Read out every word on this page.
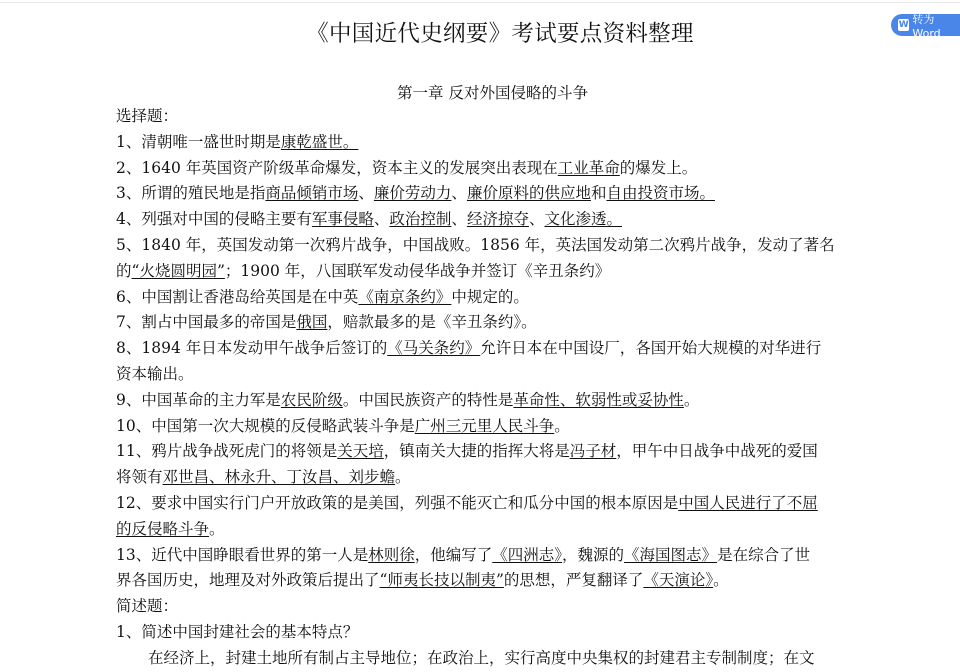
W 转为Word
《中国近代史纲要》考试要点资料整理
第一章 反对外国侵略的斗争
选择题：
1、清朝唯一盛世时期是康乾盛世。
2、1640 年英国资产阶级革命爆发，资本主义的发展突出表现在工业革命的爆发上。
3、所谓的殖民地是指商品倾销市场、廉价劳动力、廉价原料的供应地和自由投资市场。
4、列强对中国的侵略主要有军事侵略、政治控制、经济掠夺、文化渗透。
5、1840 年，英国发动第一次鸦片战争，中国战败。1856 年，英法国发动第二次鸦片战争，发动了著名
的“火烧圆明园”；1900 年，八国联军发动侵华战争并签订《辛丑条约》
6、中国割让香港岛给英国是在中英《南京条约》中规定的。
7、割占中国最多的帝国是俄国，赔款最多的是《辛丑条约》。
8、1894 年日本发动甲午战争后签订的《马关条约》允许日本在中国设厂，各国开始大规模的对华进行
资本输出。
9、中国革命的主力军是农民阶级。中国民族资产的特性是革命性、软弱性或妥协性。
10、中国第一次大规模的反侵略武装斗争是广州三元里人民斗争。
11、鸦片战争战死虎门的将领是关天培，镇南关大捷的指挥大将是冯子材，甲午中日战争中战死的爱国
将领有邓世昌、林永升、丁汝昌、刘步蟾。
12、要求中国实行门户开放政策的是美国，列强不能灭亡和瓜分中国的根本原因是中国人民进行了不屈
的反侵略斗争。
13、近代中国睁眼看世界的第一人是林则徐，他编写了《四洲志》，魏源的《海国图志》是在综合了世
界各国历史，地理及对外政策后提出了“师夷长技以制夷”的思想，严复翻译了《天演论》。
简述题：
1、简述中国封建社会的基本特点？
在经济上，封建土地所有制占主导地位；在政治上，实行高度中央集权的封建君主专制制度；在文
